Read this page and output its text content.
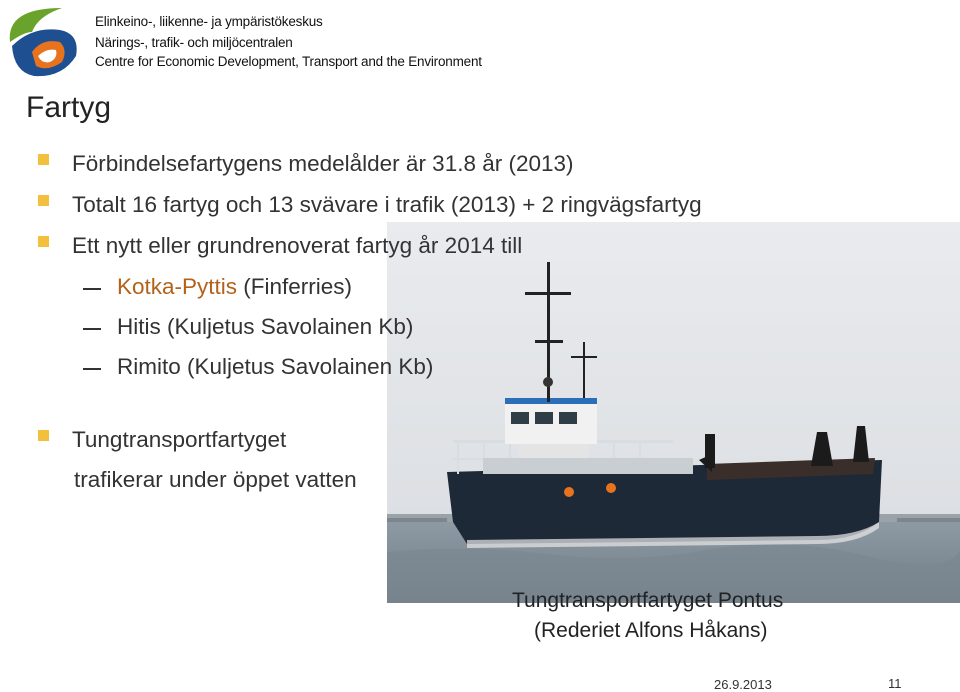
Elinkeino-, liikenne- ja ympäristökeskus
Närings-, trafik- och miljöcentralen
Centre for Economic Development, Transport and the Environment
Fartyg
Förbindelsefartygens medelålder är 31.8 år (2013)
Totalt 16 fartyg och 13 svävare i trafik (2013) + 2 ringvägsfartyg
Ett nytt eller grundrenoverat fartyg år 2014 till
Kotka-Pyttis (Finferries)
Hitis (Kuljetus Savolainen Kb)
Rimito (Kuljetus Savolainen Kb)
Tungtransportfartyget
trafikerar under öppet vatten
Tungtransportfartyget Pontus
(Rederiet Alfons Håkans)
26.9.2013	11
